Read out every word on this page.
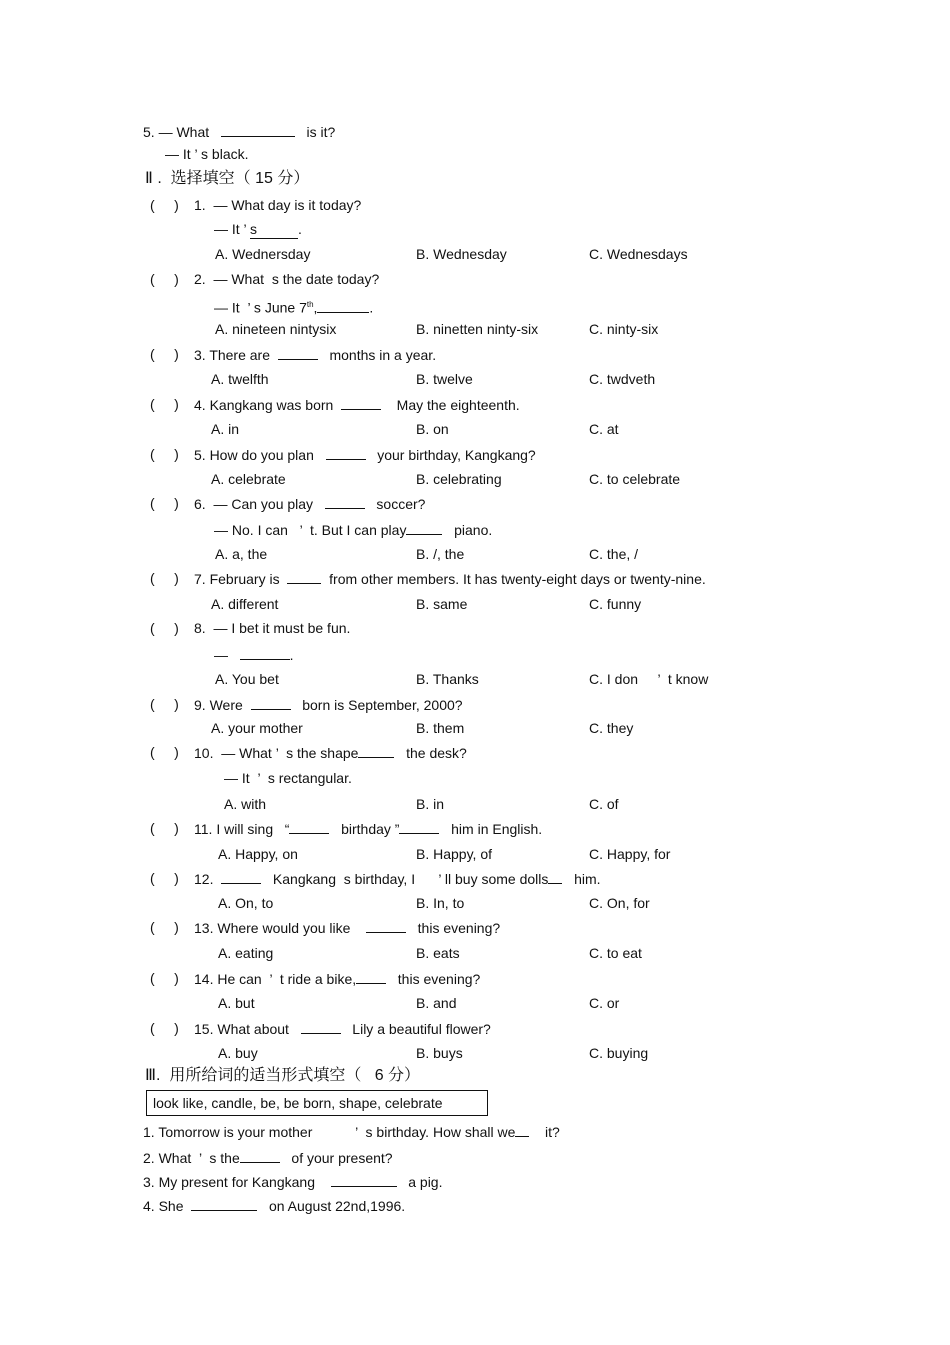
5. — What	is it?
— It ’ s black.
Ⅱ .  选择填空（ 15 分）
(     ) 1.  — What day is it today?
— It ’ s	.
A. Wednersday	B. Wednesday	C. Wednesdays
(     ) 2.  — What s the date today?
— It  ’ s June 7th,	.
A. nineteen nintysix	B. ninetten ninty-six	C. ninty-six
(     ) 3. There are	months in a year.
A. twelfth	B. twelve	C. twdveth
(     ) 4. Kangkang was born	May the eighteenth.
A. in	B. on	C. at
(     ) 5. How do you plan	your birthday, Kangkang?
A. celebrate	B. celebrating	C. to celebrate
(     ) 6.  — Can you play	soccer?
— No. I can   ’  t. But I can play	piano.
A. a, the	B. /, the	C. the, /
(     ) 7. February is	from other members. It has twenty-eight days or twenty-nine.
A. different	B. same	C. funny
(     ) 8.  — I bet it must be fun.
—	.
A. You bet	B. Thanks	C. I don     ’  t know
(     ) 9. Were	born is September, 2000?
A. your mother	B. them	C. they
(     ) 10.  — What ’  s the shape	the desk?
— It  ’  s rectangular.
A. with	B. in	C. of
(     ) 11. I will sing   “	birthday ”	him in English.
A. Happy, on	B. Happy, of	C. Happy, for
(     ) 12.	Kangkang s birthday, I      ’ ll buy some dolls him.
A. On, to	B. In, to	C. On, for
(     ) 13. Where would you like	this evening?
A. eating	B. eats	C. to eat
(     ) 14. He can  ’  t ride a bike,	this evening?
A. but	B. and	C. or
(     ) 15. What about	Lily a beautiful flower?
A. buy	B. buys	C. buying
Ⅲ.  用所给词的适当形式填空（   6 分）
look like, candle, be, be born, shape, celebrate
1. Tomorrow is your mother	’  s birthday. How shall we it?
2. What  ’  s the	of your present?
3. My present for Kangkang	a pig.
4. She	on August 22nd,1996.
